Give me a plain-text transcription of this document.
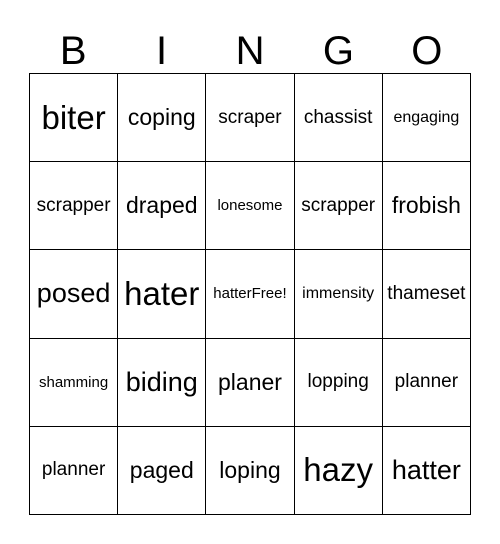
B	I	N	G	O
biter	coping	scraper	chassist	engaging
scrapper	draped	lonesome	scrapper	frobish
posed	hater	hatterFree!	immensity	thameset
shamming	biding	planer	lopping	planner
planner	paged	loping	hazy	hatter
